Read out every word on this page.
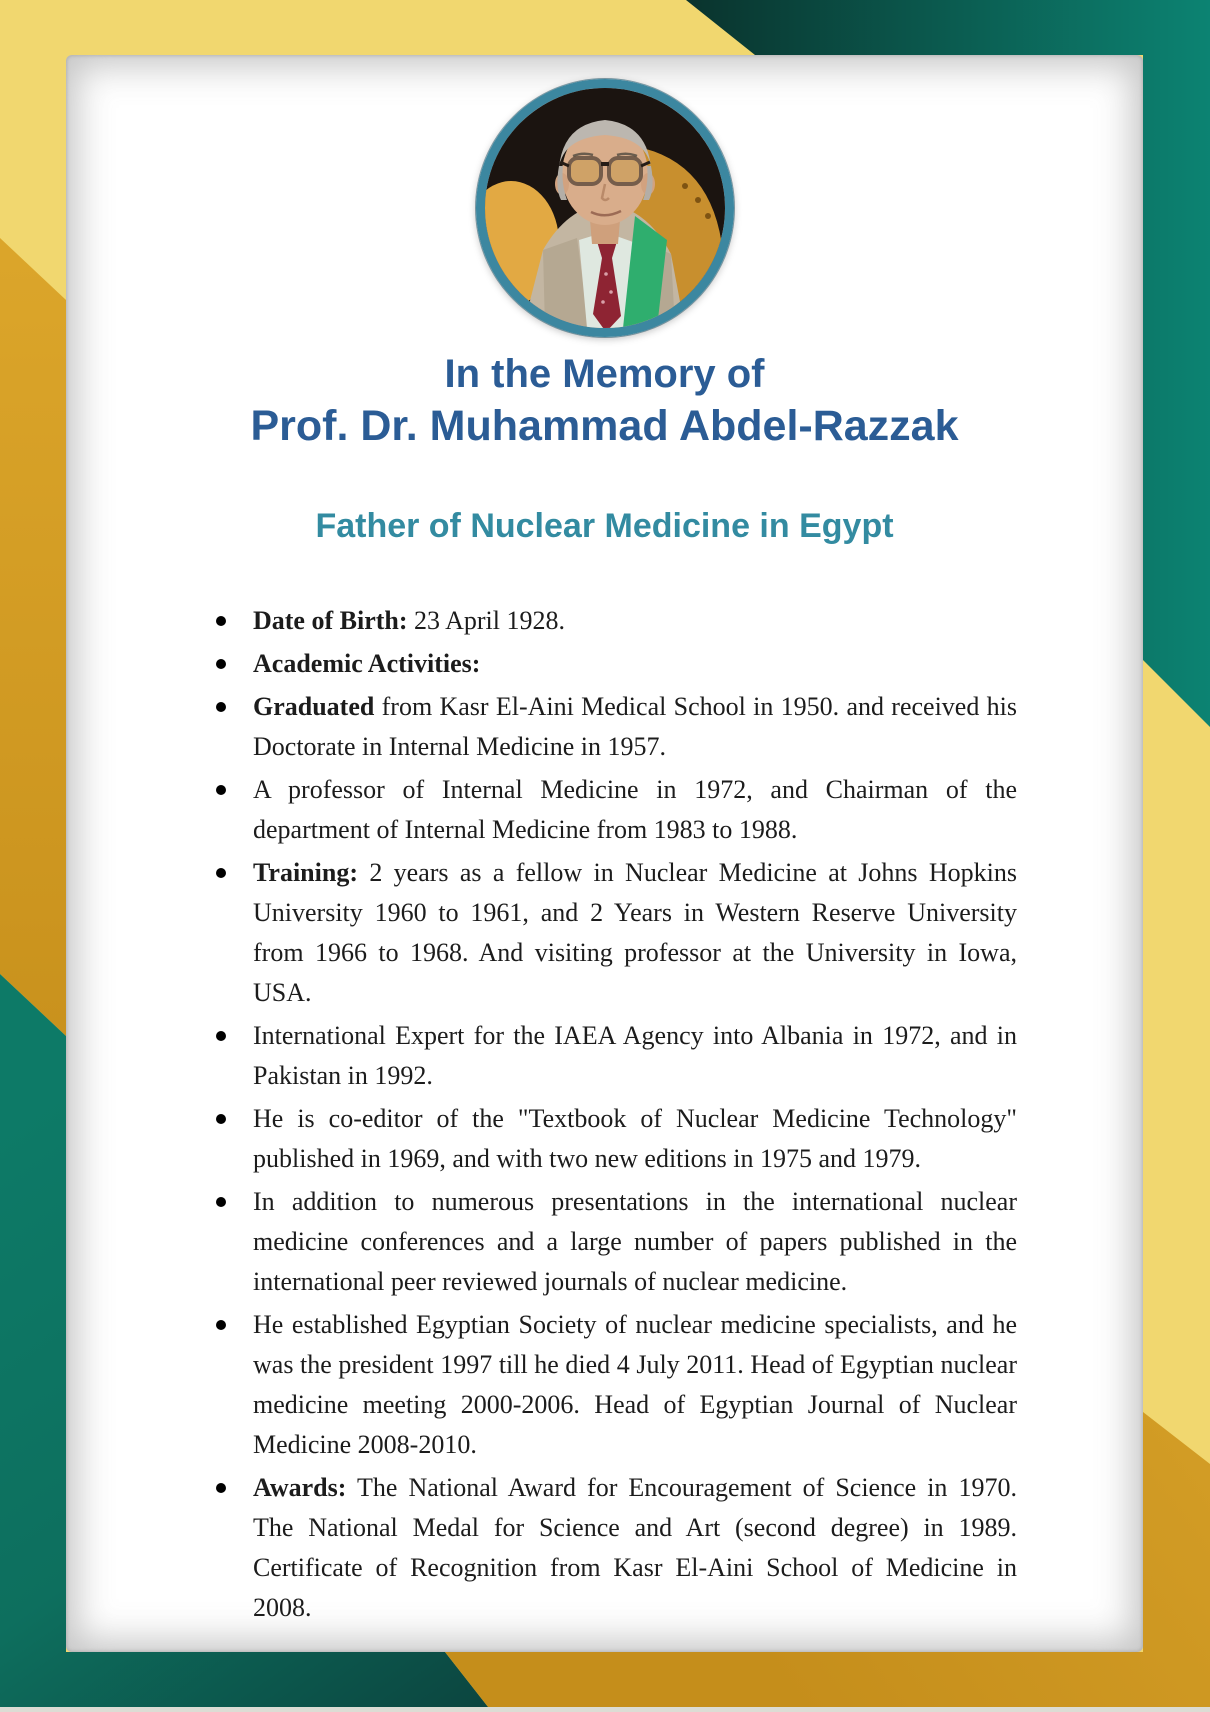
In the Memory of
Prof. Dr. Muhammad Abdel-Razzak
Father of Nuclear Medicine in Egypt
Date of Birth: 23 April 1928.
Academic Activities:
Graduated from Kasr El-Aini Medical School in 1950. and received his Doctorate in Internal Medicine in 1957.
A professor of Internal Medicine in 1972, and Chairman of the department of Internal Medicine from 1983 to 1988.
Training: 2 years as a fellow in Nuclear Medicine at Johns Hopkins University 1960 to 1961, and 2 Years in Western Reserve University from 1966 to 1968. And visiting professor at the University in Iowa, USA.
International Expert for the IAEA Agency into Albania in 1972, and in Pakistan in 1992.
He is co-editor of the "Textbook of Nuclear Medicine Technology" published in 1969, and with two new editions in 1975 and 1979.
In addition to numerous presentations in the international nuclear medicine conferences and a large number of papers published in the international peer reviewed journals of nuclear medicine.
He established Egyptian Society of nuclear medicine specialists, and he was the president 1997 till he died 4 July 2011. Head of Egyptian nuclear medicine meeting 2000-2006. Head of Egyptian Journal of Nuclear Medicine 2008-2010.
Awards: The National Award for Encouragement of Science in 1970. The National Medal for Science and Art (second degree) in 1989. Certificate of Recognition from Kasr El-Aini School of Medicine in 2008.
